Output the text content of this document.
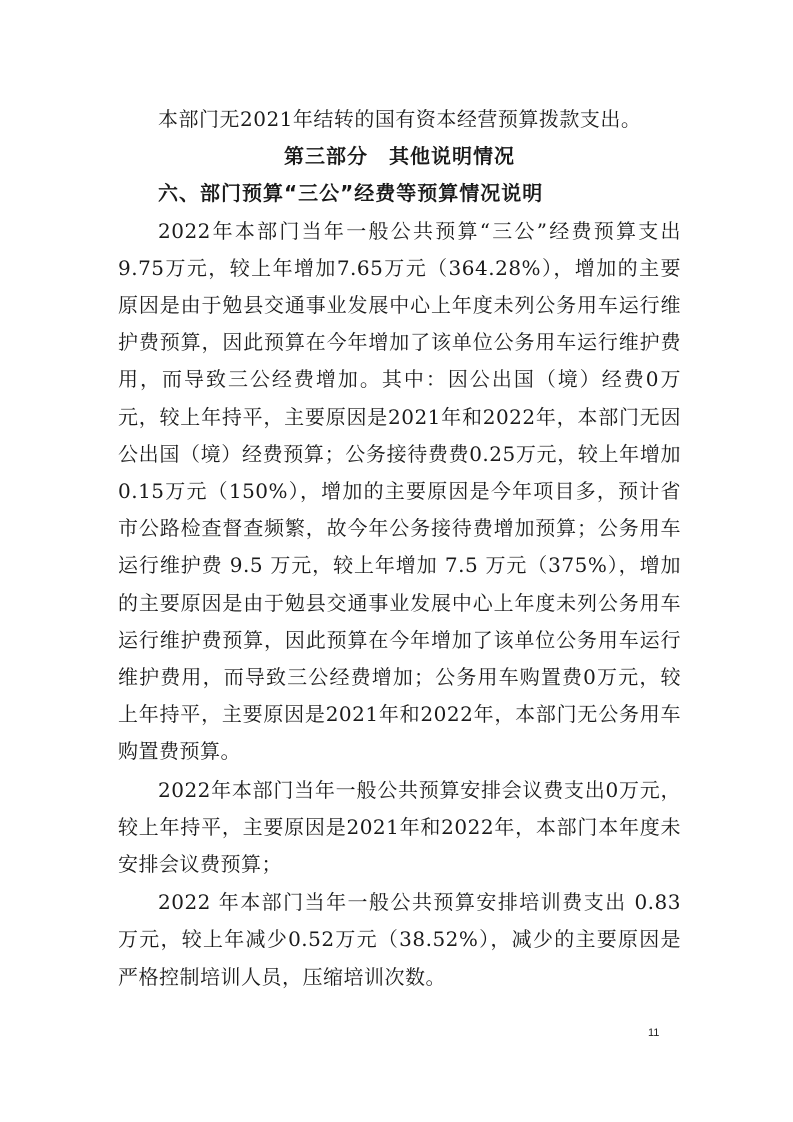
本部门无2021年结转的国有资本经营预算拨款支出。

第三部分　其他说明情况

六、部门预算“三公”经费等预算情况说明

2022年本部门当年一般公共预算“三公”经费预算支出9.75万元，较上年增加7.65万元（364.28%），增加的主要原因是由于勉县交通事业发展中心上年度未列公务用车运行维护费预算，因此预算在今年增加了该单位公务用车运行维护费用，而导致三公经费增加。其中：因公出国（境）经费0万元，较上年持平，主要原因是2021年和2022年，本部门无因公出国（境）经费预算；公务接待费费0.25万元，较上年增加0.15万元（150%），增加的主要原因是今年项目多，预计省市公路检查督查频繁，故今年公务接待费增加预算；公务用车运行维护费 9.5 万元，较上年增加 7.5 万元（375%），增加的主要原因是由于勉县交通事业发展中心上年度未列公务用车运行维护费预算，因此预算在今年增加了该单位公务用车运行维护费用，而导致三公经费增加；公务用车购置费0万元，较上年持平，主要原因是2021年和2022年，本部门无公务用车购置费预算。

2022年本部门当年一般公共预算安排会议费支出0万元，较上年持平，主要原因是2021年和2022年，本部门本年度未安排会议费预算；

2022 年本部门当年一般公共预算安排培训费支出 0.83 万元，较上年减少0.52万元（38.52%），减少的主要原因是严格控制培训人员，压缩培训次数。

11
